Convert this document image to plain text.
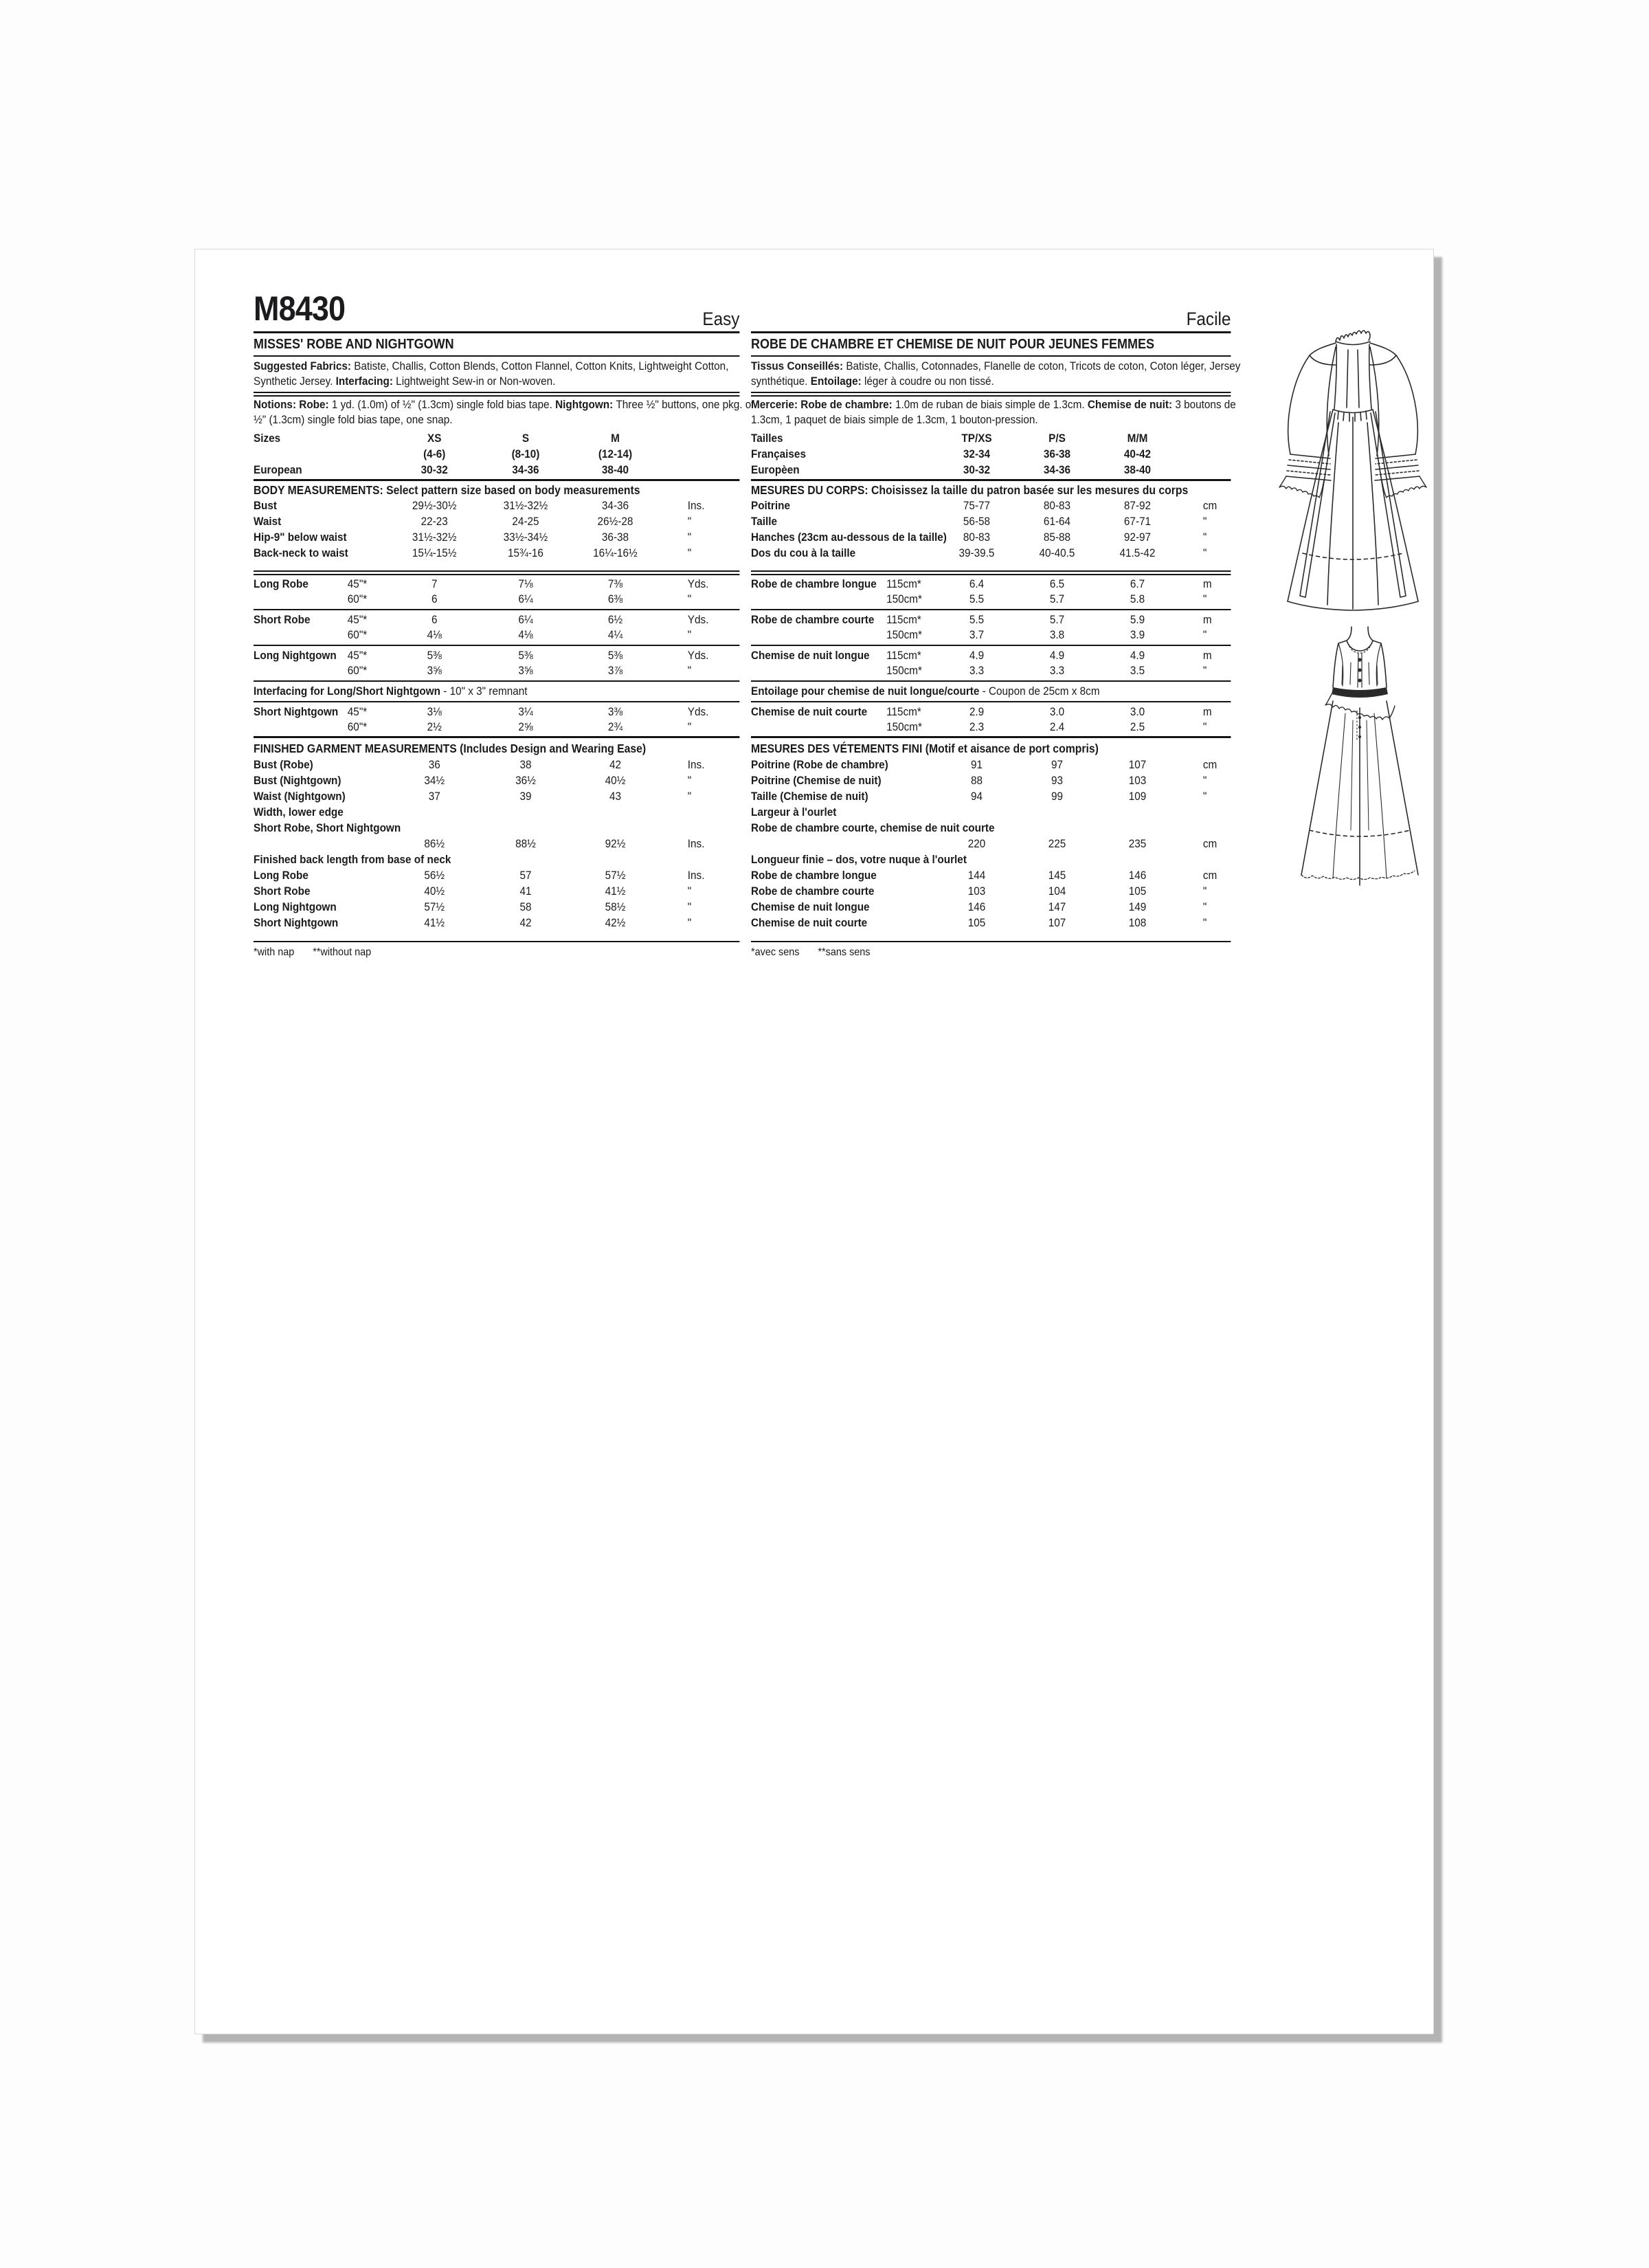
M8430	Easy
MISSES' ROBE AND NIGHTGOWN
Suggested Fabrics: Batiste, Challis, Cotton Blends, Cotton Flannel, Cotton Knits, Lightweight Cotton,
Synthetic Jersey. Interfacing: Lightweight Sew-in or Non-woven.
Notions: Robe: 1 yd. (1.0m) of ½" (1.3cm) single fold bias tape. Nightgown: Three ½" buttons, one pkg. of
½" (1.3cm) single fold bias tape, one snap.
Sizes	XS	S	M
(4-6)	(8-10)	(12-14)
European	30-32	34-36	38-40
BODY MEASUREMENTS: Select pattern size based on body measurements
Bust	29½-30½	31½-32½	34-36	Ins.
Waist	22-23	24-25	26½-28	"
Hip-9" below waist	31½-32½	33½-34½	36-38	"
Back-neck to waist	15¼-15½	15¾-16	16¼-16½	"
Long Robe	45"*	7	7⅛	7⅜	Yds.
60"*	6	6¼	6⅜	"
Short Robe	45"*	6	6¼	6½	Yds.
60"*	4⅛	4⅛	4¼	"
Long Nightgown 45"*	5⅜	5⅜	5⅜	Yds.
60"*	3⅝	3⅝	3⅞	"
Interfacing for Long/Short Nightgown - 10" x 3" remnant
Short Nightgown 45"*	3⅛	3¼	3⅜	Yds.
60"*	2½	2⅝	2¾	"
FINISHED GARMENT MEASUREMENTS (Includes Design and Wearing Ease)
Bust (Robe)	36	38	42	Ins.
Bust (Nightgown)	34½	36½	40½	"
Waist (Nightgown)	37	39	43	"
Width, lower edge
Short Robe, Short Nightgown
86½	88½	92½	Ins.
Finished back length from base of neck
Long Robe	56½	57	57½	Ins.
Short Robe	40½	41	41½	"
Long Nightgown	57½	58	58½	"
Short Nightgown	41½	42	42½	"
*with nap **without nap
Facile
ROBE DE CHAMBRE ET CHEMISE DE NUIT POUR JEUNES FEMMES
Tissus Conseillés: Batiste, Challis, Cotonnades, Flanelle de coton, Tricots de coton, Coton léger, Jersey
synthétique. Entoilage: léger à coudre ou non tissé.
Mercerie: Robe de chambre: 1.0m de ruban de biais simple de 1.3cm. Chemise de nuit: 3 boutons de
1.3cm, 1 paquet de biais simple de 1.3cm, 1 bouton-pression.
Tailles	TP/XS	P/S	M/M
Françaises	32-34	36-38	40-42
Europèen	30-32	34-36	38-40
MESURES DU CORPS: Choisissez la taille du patron basée sur les mesures du corps
Poitrine	75-77	80-83	87-92	cm
Taille	56-58	61-64	67-71	"
Hanches (23cm au-dessous de la taille)	80-83	85-88	92-97	"
Dos du cou à la taille	39-39.5	40-40.5	41.5-42	"
Robe de chambre longue 115cm*	6.4	6.5	6.7	m
150cm*	5.5	5.7	5.8	"
Robe de chambre courte	115cm*	5.5	5.7	5.9	m
150cm*	3.7	3.8	3.9	"
Chemise de nuit longue	115cm*	4.9	4.9	4.9	m
150cm*	3.3	3.3	3.5	"
Entoilage pour chemise de nuit longue/courte - Coupon de 25cm x 8cm
Chemise de nuit courte	115cm*	2.9	3.0	3.0	m
150cm*	2.3	2.4	2.5	"
MESURES DES VÉTEMENTS FINI (Motif et aisance de port compris)
Poitrine (Robe de chambre)	91	97	107	cm
Poitrine (Chemise de nuit)	88	93	103	"
Taille (Chemise de nuit)	94	99	109	"
Largeur à l'ourlet
Robe de chambre courte, chemise de nuit courte
220	225	235	cm
Longueur finie – dos, votre nuque à l'ourlet
Robe de chambre longue	144	145	146	cm
Robe de chambre courte	103	104	105	"
Chemise de nuit longue	146	147	149	"
Chemise de nuit courte	105	107	108	"
*avec sens **sans sens
